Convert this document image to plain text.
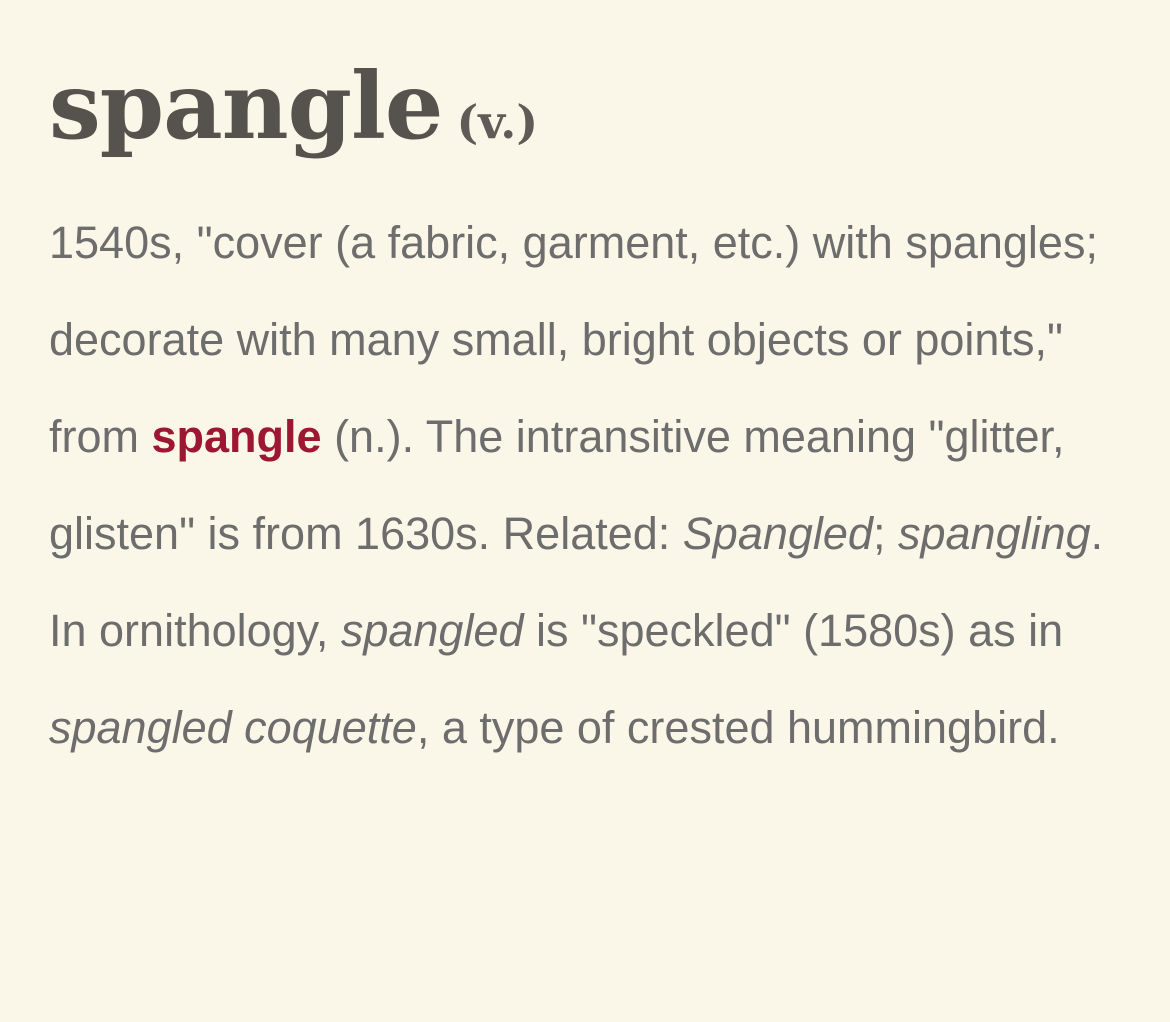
spangle (v.)

1540s, "cover (a fabric, garment, etc.) with spangles; decorate with many small, bright objects or points," from spangle (n.). The intransitive meaning "glitter, glisten" is from 1630s. Related: Spangled; spangling. In ornithology, spangled is "speckled" (1580s) as in spangled coquette, a type of crested hummingbird.
